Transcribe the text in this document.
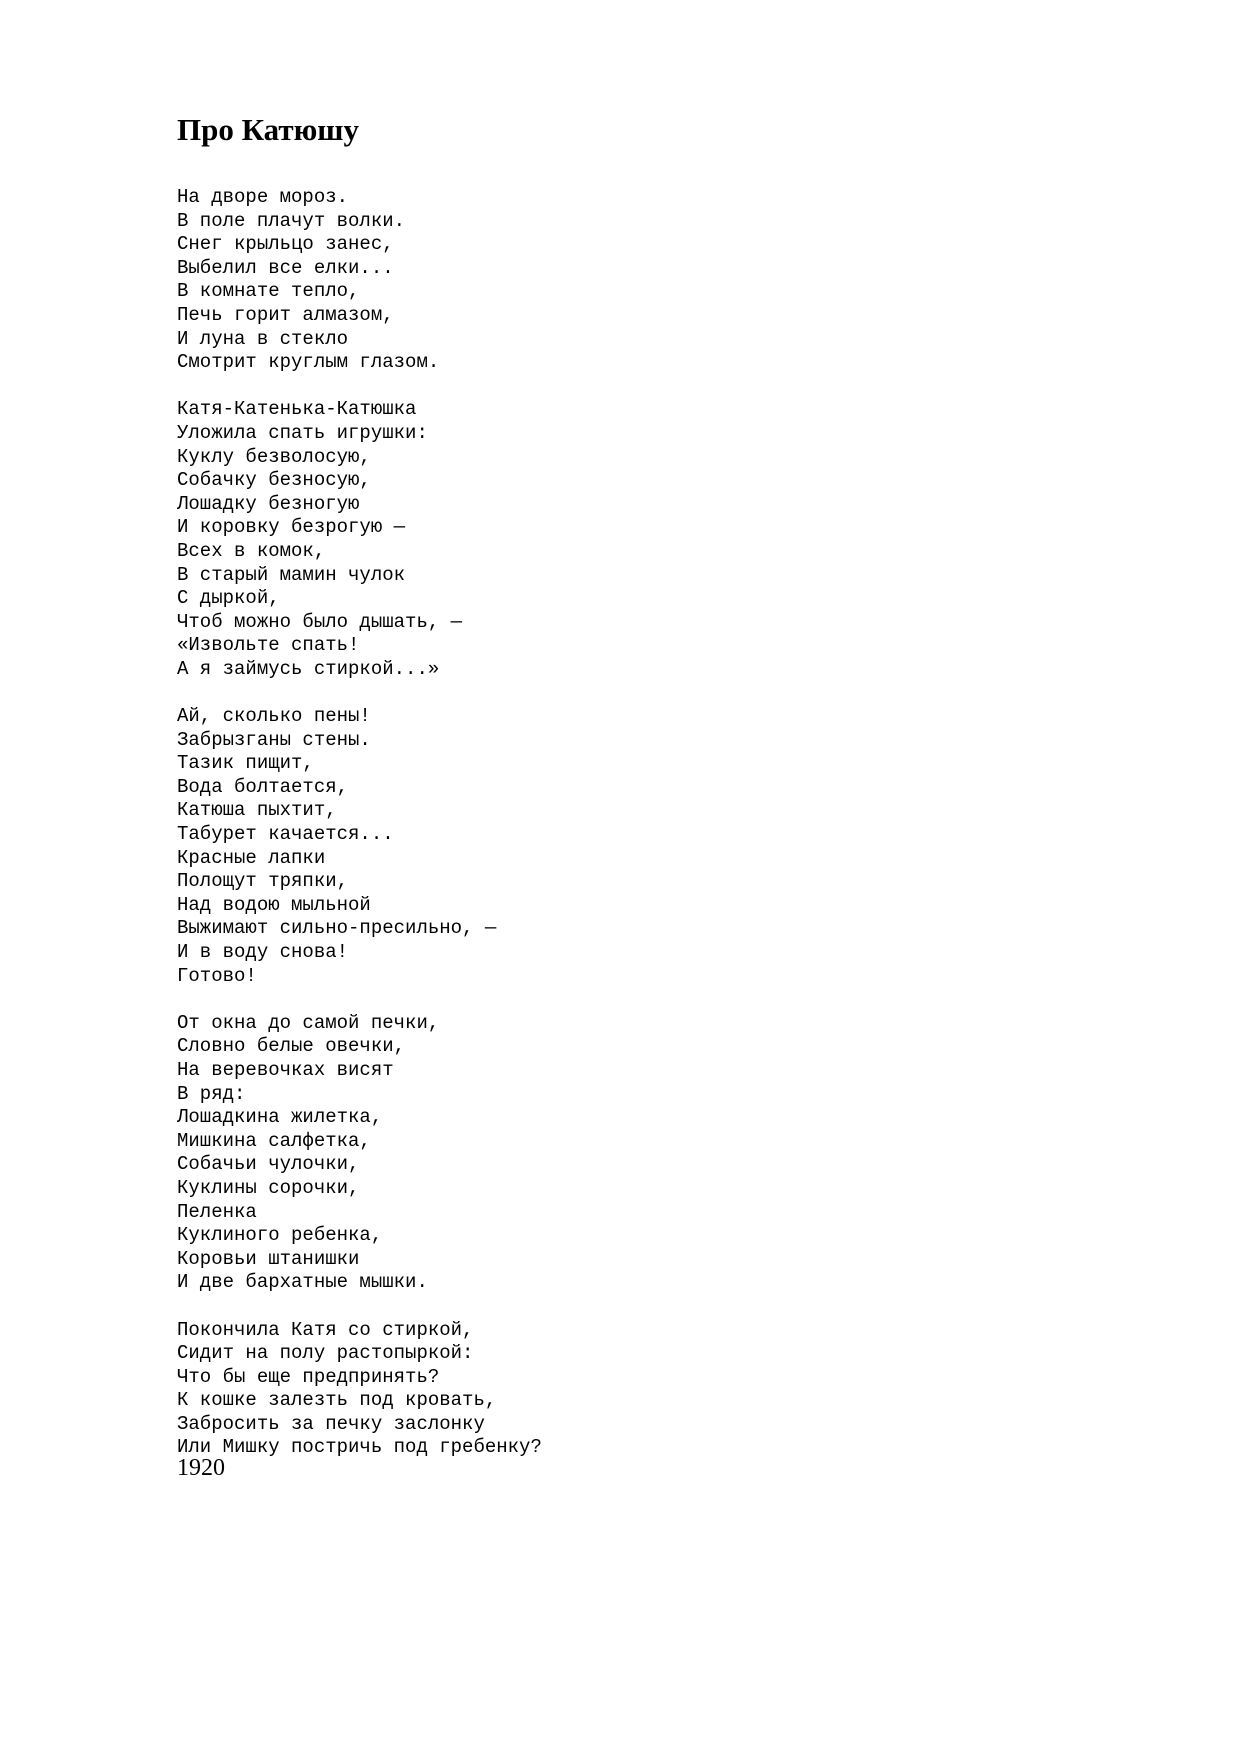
Про Катюшу
На дворе мороз.
В поле плачут волки.
Снег крыльцо занес,
Выбелил все елки...
В комнате тепло,
Печь горит алмазом,
И луна в стекло
Смотрит круглым глазом.
Катя-Катенька-Катюшка
Уложила спать игрушки:
Куклу безволосую,
Собачку безносую,
Лошадку безногую
И коровку безрогую —
Всех в комок,
В старый мамин чулок
С дыркой,
Чтоб можно было дышать, —
«Извольте спать!
А я займусь стиркой...»
Ай, сколько пены!
Забрызганы стены.
Тазик пищит,
Вода болтается,
Катюша пыхтит,
Табурет качается...
Красные лапки
Полощут тряпки,
Над водою мыльной
Выжимают сильно-пресильно, —
И в воду снова!
Готово!
От окна до самой печки,
Словно белые овечки,
На веревочках висят
В ряд:
Лошадкина жилетка,
Мишкина салфетка,
Собачьи чулочки,
Куклины сорочки,
Пеленка
Куклиного ребенка,
Коровьи штанишки
И две бархатные мышки.
Покончила Катя со стиркой,
Сидит на полу растопыркой:
Что бы еще предпринять?
К кошке залезть под кровать,
Забросить за печку заслонку
Или Мишку постричь под гребенку?
1920
